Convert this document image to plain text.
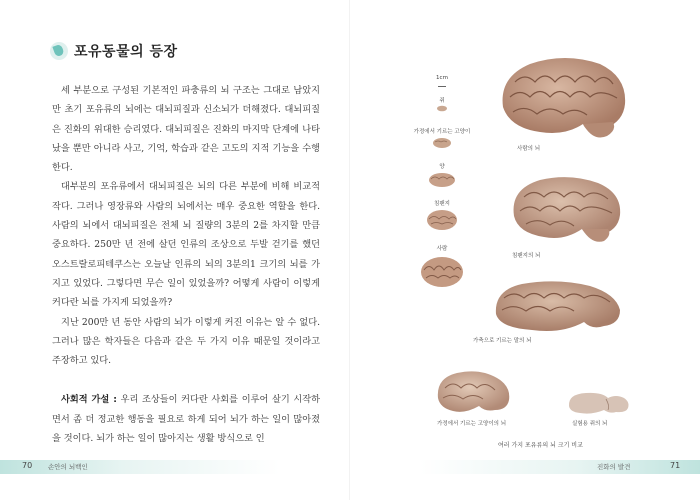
포유동물의 등장

세 부분으로 구성된 기본적인 파충류의 뇌 구조는 그대로 남았지만 초기 포유류의 뇌에는 대뇌피질과 신소뇌가 더해졌다. 대뇌피질은 진화의 위대한 승리였다. 대뇌피질은 진화의 마지막 단계에 나타났을 뿐만 아니라 사고, 기억, 학습과 같은 고도의 지적 기능을 수행한다.

대부분의 포유류에서 대뇌피질은 뇌의 다른 부분에 비해 비교적 작다. 그러나 영장류와 사람의 뇌에서는 매우 중요한 역할을 한다. 사람의 뇌에서 대뇌피질은 전체 뇌 질량의 3분의 2를 차지할 만큼 중요하다. 250만 년 전에 살던 인류의 조상으로 두발 걷기를 했던 오스트랄로피테쿠스는 오늘날 인류의 뇌의 3분의1 크기의 뇌를 가지고 있었다. 그렇다면 무슨 일이 있었을까? 어떻게 사람이 이렇게 커다란 뇌를 가지게 되었을까?

지난 200만 년 동안 사람의 뇌가 이렇게 커진 이유는 알 수 없다. 그러나 많은 학자들은 다음과 같은 두 가지 이유 때문일 것이라고 주장하고 있다.

사회적 가설 : 우리 조상들이 커다란 사회를 이루어 살기 시작하면서 좀 더 정교한 행동을 필요로 하게 되어 뇌가 하는 일이 많아졌을 것이다. 뇌가 하는 일이 많아지는 생활 방식으로 인

70 손안의 뇌백인
1cm
쥐
가정에서 기르는 고양이
양
침팬지
사람
사람의 뇌
침팬지의 뇌
가축으로 기르는 말의 뇌
가정에서 기르는 고양이의 뇌	실험용 쥐의 뇌
여러 가지 포유류의 뇌 크기 비교
진화의 발견	71
